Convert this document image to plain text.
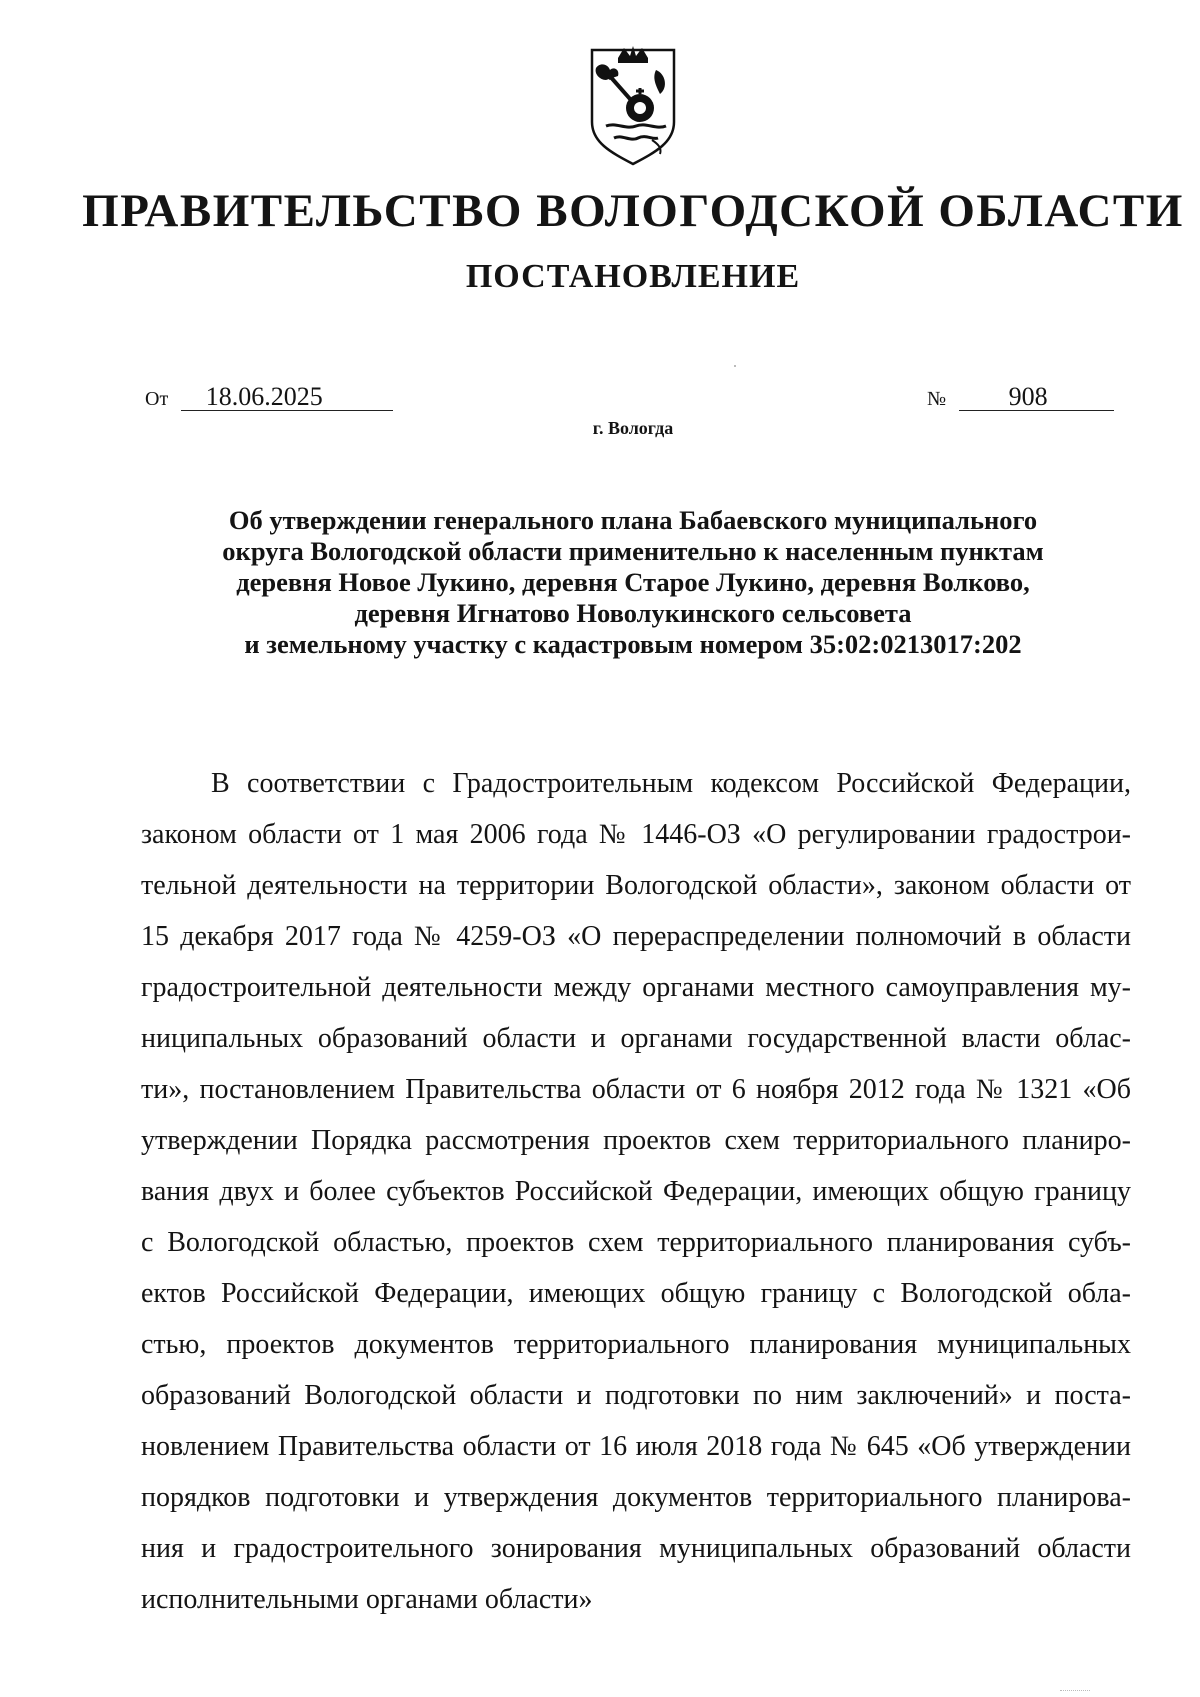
ПРАВИТЕЛЬСТВО ВОЛОГОДСКОЙ ОБЛАСТИ
ПОСТАНОВЛЕНИЕ
От 18.06.2025	№ 908
г. Вологда
Об утверждении генерального плана Бабаевского муниципального
округа Вологодской области применительно к населенным пунктам
деревня Новое Лукино, деревня Старое Лукино, деревня Волково,
деревня Игнатово Новолукинского сельсовета
и земельному участку с кадастровым номером 35:02:0213017:202
В соответствии с Градостроительным кодексом Российской Федерации,
законом области от 1 мая 2006 года № 1446-ОЗ «О регулировании градострои-
тельной деятельности на территории Вологодской области», законом области от
15 декабря 2017 года № 4259-ОЗ «О перераспределении полномочий в области
градостроительной деятельности между органами местного самоуправления му-
ниципальных образований области и органами государственной власти облас-
ти», постановлением Правительства области от 6 ноября 2012 года № 1321 «Об
утверждении Порядка рассмотрения проектов схем территориального планиро-
вания двух и более субъектов Российской Федерации, имеющих общую границу
с Вологодской областью, проектов схем территориального планирования субъ-
ектов Российской Федерации, имеющих общую границу с Вологодской обла-
стью, проектов документов территориального планирования муниципальных
образований Вологодской области и подготовки по ним заключений» и поста-
новлением Правительства области от 16 июля 2018 года № 645 «Об утверждении
порядков подготовки и утверждения документов территориального планирова-
ния и градостроительного зонирования муниципальных образований области
исполнительными органами области»
